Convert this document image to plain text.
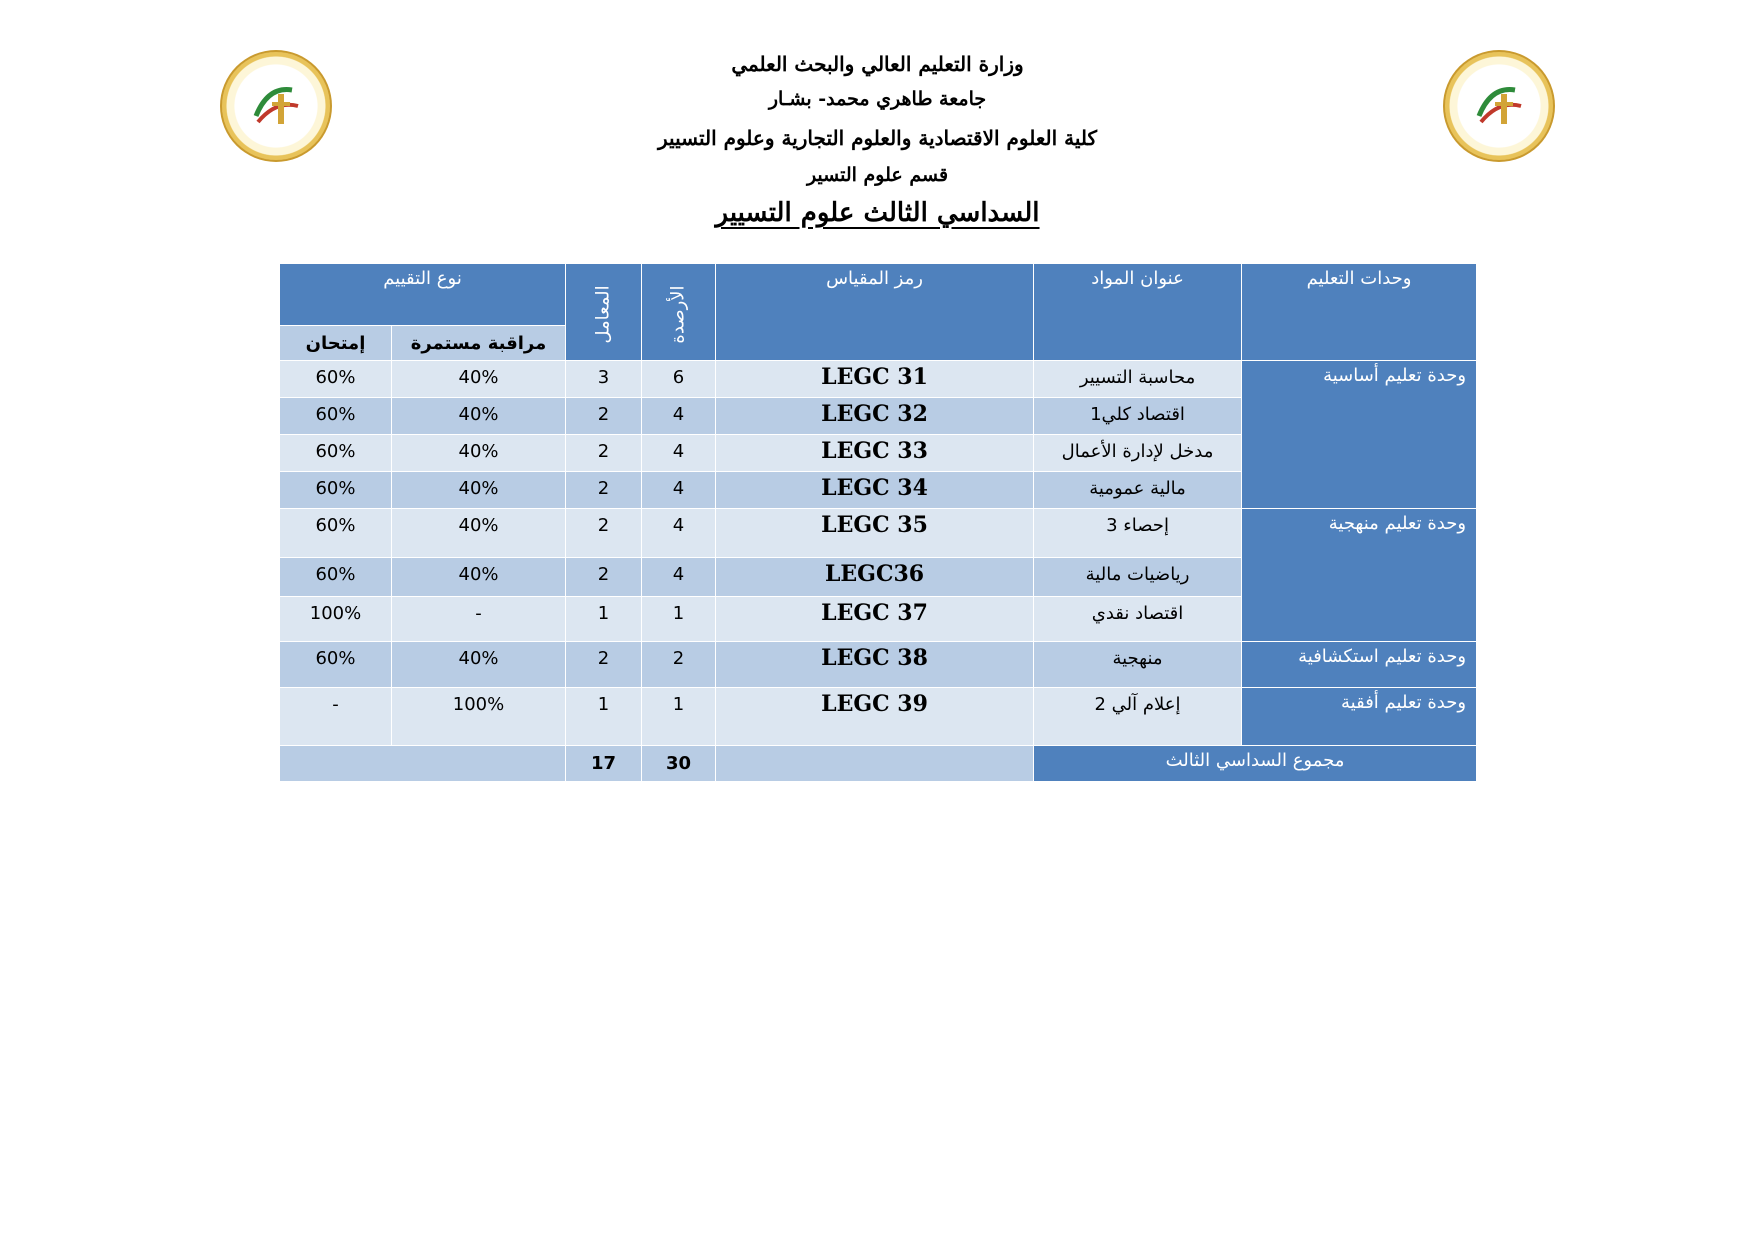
وزارة التعليم العالي والبحث العلمي
جامعة طاهري محمد- بشـار
كلية العلوم الاقتصادية والعلوم التجارية وعلوم التسيير
قسم علوم التسير
السداسي الثالث علوم التسيير
نوع التقييم		المعامل	الأرصدة	رمز المقياس	عنوان المواد	وحدات التعليم
إمتحان	مراقبة مستمرة					
60%	40%	3	6	LEGC 31	محاسبة التسيير	وحدة تعليم أساسية
60%	40%	2	4	LEGC 32	اقتصاد كلي1	
60%	40%	2	4	LEGC 33	مدخل لإدارة الأعمال	
60%	40%	2	4	LEGC 34	مالية عمومية	
60%	40%	2	4	LEGC 35	إحصاء 3	وحدة تعليم منهجية
60%	40%	2	4	LEGC36	رياضيات مالية	
100%	-	1	1	LEGC 37	اقتصاد نقدي	
60%	40%	2	2	LEGC 38	منهجية	وحدة تعليم استكشافية
-	100%	1	1	LEGC 39	إعلام آلي 2	وحدة تعليم أفقية
		17	30		مجموع السداسي الثالث	
